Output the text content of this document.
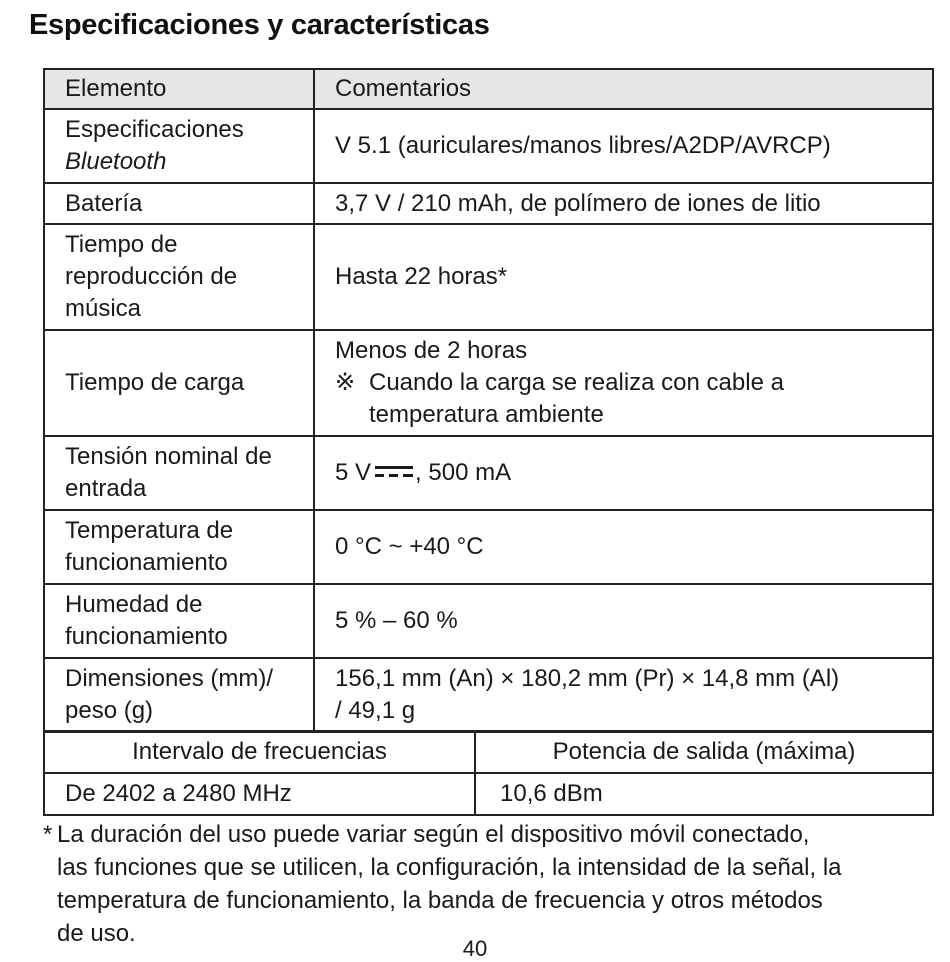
Especificaciones y características
Elemento	Comentarios
Especificaciones
Bluetooth	V 5.1 (auriculares/manos libres/A2DP/AVRCP)
Batería	3,7 V / 210 mAh, de polímero de iones de litio
Tiempo de
reproducción de
música	Hasta 22 horas*
Tiempo de carga	Menos de 2 horas
※ Cuando la carga se realiza con cable a
temperatura ambiente

Tensión nominal de
entrada	5 V , 500 mA
Temperatura de
funcionamiento	0 °C ~ +40 °C
Humedad de
funcionamiento	5 % – 60 %
Dimensiones (mm)/
peso (g)	156,1 mm (An) × 180,2 mm (Pr) × 14,8 mm (Al)
/ 49,1 g
Intervalo de frecuencias	Potencia de salida (máxima)
De 2402 a 2480 MHz	10,6 dBm
* La duración del uso puede variar según el dispositivo móvil conectado,
las funciones que se utilicen, la configuración, la intensidad de la señal, la
temperatura de funcionamiento, la banda de frecuencia y otros métodos
de uso.
40
